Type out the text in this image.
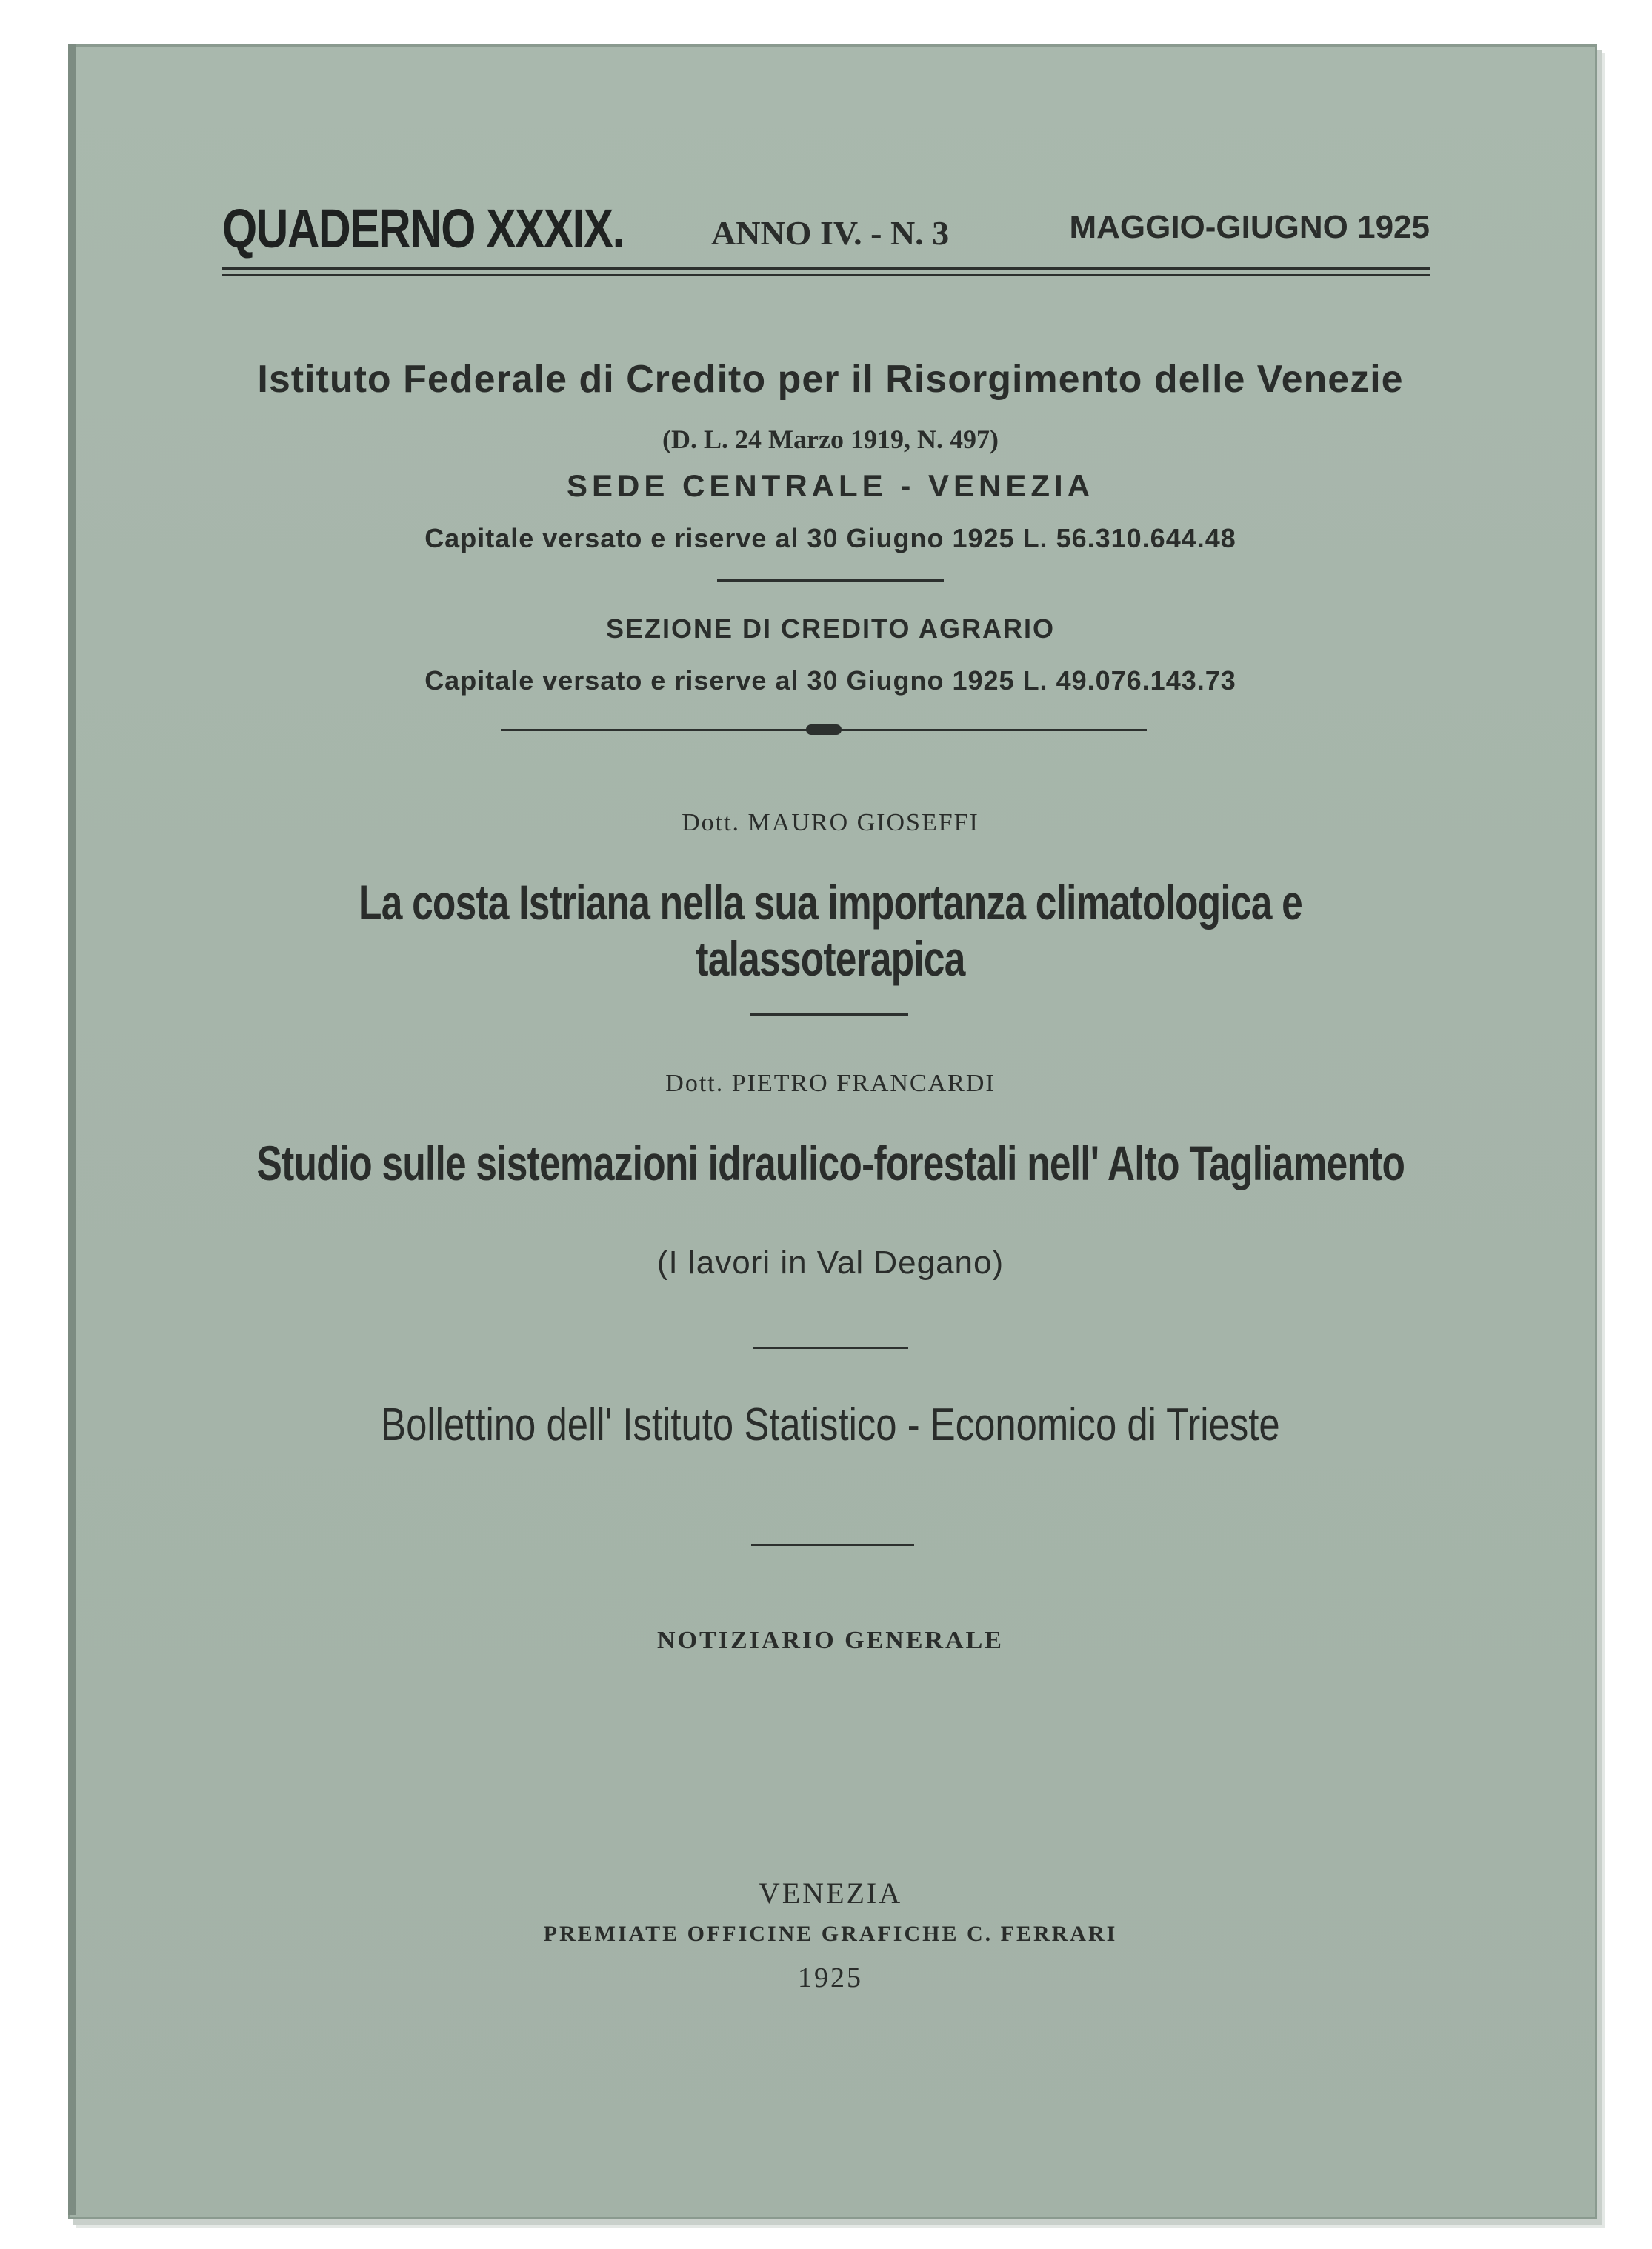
QUADERNO XXXIX.	ANNO IV. - N. 3	MAGGIO-GIUGNO 1925
Istituto Federale di Credito per il Risorgimento delle Venezie
(D. L. 24 Marzo 1919, N. 497)
SEDE CENTRALE - VENEZIA
Capitale versato e riserve al 30 Giugno 1925 L. 56.310.644.48
SEZIONE DI CREDITO AGRARIO
Capitale versato e riserve al 30 Giugno 1925 L. 49.076.143.73
Dott. MAURO GIOSEFFI
La costa Istriana nella sua importanza climatologica e talassoterapica
Dott. PIETRO FRANCARDI
Studio sulle sistemazioni idraulico-forestali nell' Alto Tagliamento
(I lavori in Val Degano)
Bollettino dell' Istituto Statistico - Economico di Trieste
NOTIZIARIO GENERALE
VENEZIA
PREMIATE OFFICINE GRAFICHE C. FERRARI
1925
